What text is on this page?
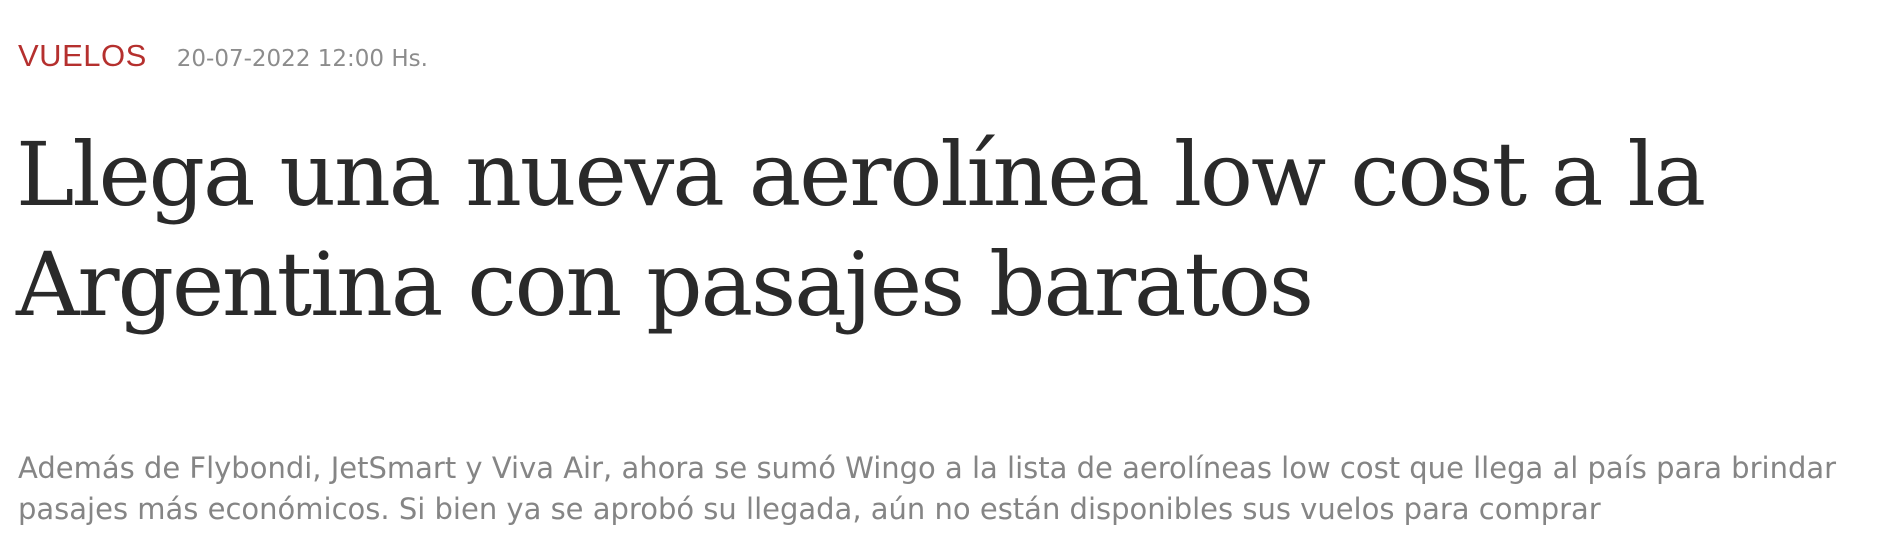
VUELOS 20-07-2022 12:00 Hs.
Llega una nueva aerolínea low cost a la Argentina con pasajes baratos

Además de Flybondi, JetSmart y Viva Air, ahora se sumó Wingo a la lista de aerolíneas low cost que llega al país para brindar pasajes más económicos. Si bien ya se aprobó su llegada, aún no están disponibles sus vuelos para comprar
